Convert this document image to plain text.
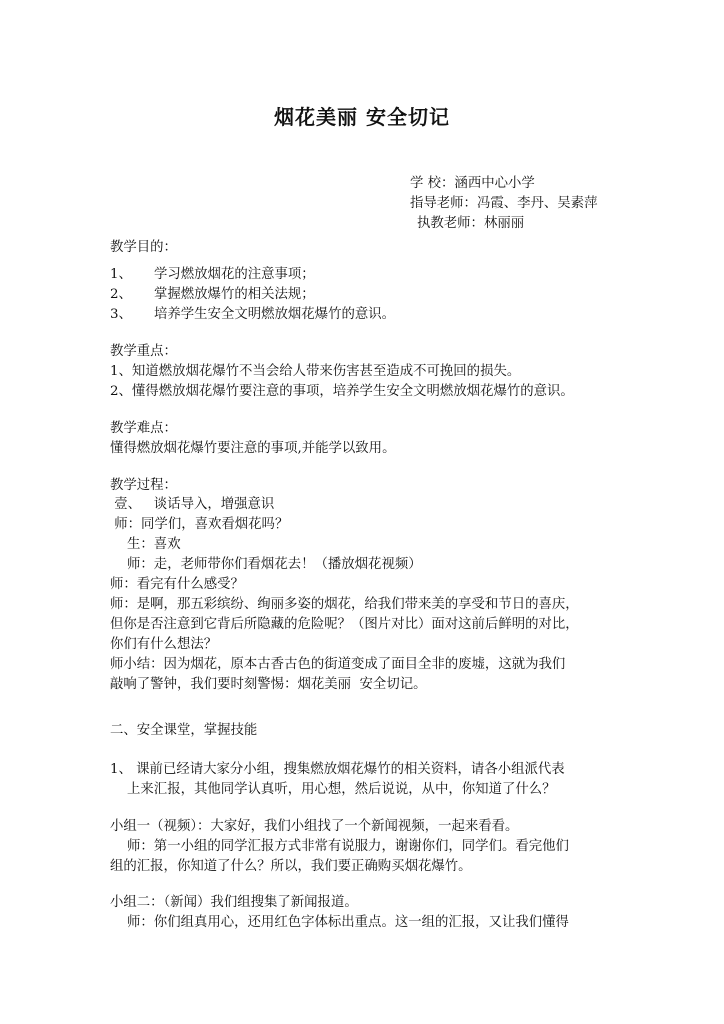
烟花美丽 安全切记
学 校：涵西中心小学
指导老师：冯霞、李丹、吴素萍
执教老师：林丽丽
教学目的：
1、 学习燃放烟花的注意事项；
2、 掌握燃放爆竹的相关法规；
3、 培养学生安全文明燃放烟花爆竹的意识。
教学重点：
1、知道燃放烟花爆竹不当会给人带来伤害甚至造成不可挽回的损失。
2、懂得燃放烟花爆竹要注意的事项，培养学生安全文明燃放烟花爆竹的意识。
教学难点：
懂得燃放烟花爆竹要注意的事项,并能学以致用。
教学过程：
壹、   谈话导入，增强意识
师：同学们，喜欢看烟花吗？
生：喜欢
师：走，老师带你们看烟花去！（播放烟花视频）
师：看完有什么感受？
师：是啊，那五彩缤纷、绚丽多姿的烟花，给我们带来美的享受和节日的喜庆，
但你是否注意到它背后所隐藏的危险呢？（图片对比）面对这前后鲜明的对比，
你们有什么想法？
师小结：因为烟花，原本古香古色的街道变成了面目全非的废墟，这就为我们
敲响了警钟，我们要时刻警惕：烟花美丽  安全切记。
二、安全课堂，掌握技能
1、 课前已经请大家分小组，搜集燃放烟花爆竹的相关资料，请各小组派代表
上来汇报，其他同学认真听，用心想，然后说说，从中，你知道了什么？
小组一（视频）：大家好，我们小组找了一个新闻视频，一起来看看。
师：第一小组的同学汇报方式非常有说服力，谢谢你们，同学们。看完他们
组的汇报，你知道了什么？所以，我们要正确购买烟花爆竹。
小组二：（新闻）我们组搜集了新闻报道。
师：你们组真用心，还用红色字体标出重点。这一组的汇报，又让我们懂得
